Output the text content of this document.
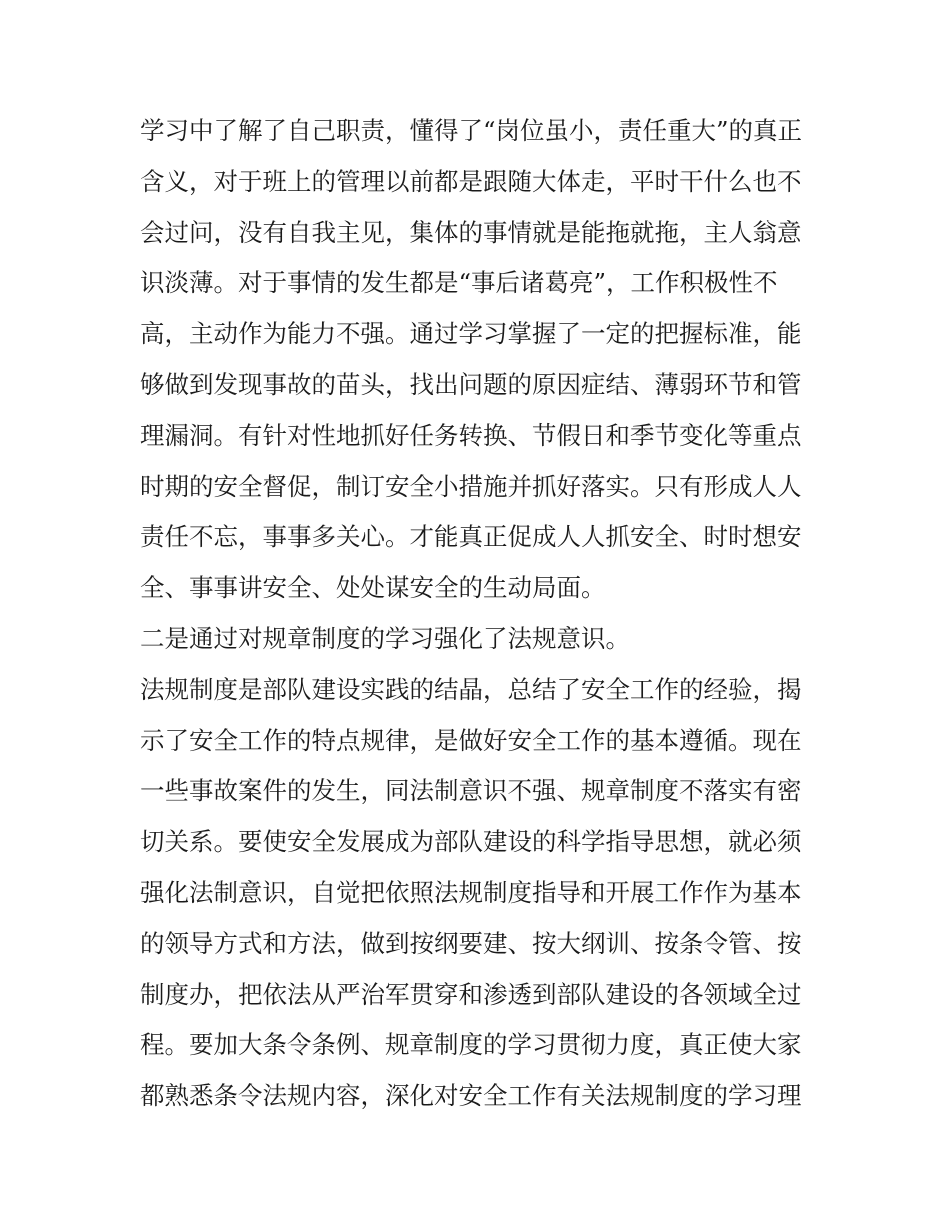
学习中了解了自己职责，懂得了“岗位虽小，责任重大”的真正
含义，对于班上的管理以前都是跟随大体走，平时干什么也不
会过问，没有自我主见，集体的事情就是能拖就拖，主人翁意
识淡薄。对于事情的发生都是“事后诸葛亮”，工作积极性不
高，主动作为能力不强。通过学习掌握了一定的把握标准，能
够做到发现事故的苗头，找出问题的原因症结、薄弱环节和管
理漏洞。有针对性地抓好任务转换、节假日和季节变化等重点
时期的安全督促，制订安全小措施并抓好落实。只有形成人人
责任不忘，事事多关心。才能真正促成人人抓安全、时时想安
全、事事讲安全、处处谋安全的生动局面。
二是通过对规章制度的学习强化了法规意识。
法规制度是部队建设实践的结晶，总结了安全工作的经验，揭
示了安全工作的特点规律，是做好安全工作的基本遵循。现在
一些事故案件的发生，同法制意识不强、规章制度不落实有密
切关系。要使安全发展成为部队建设的科学指导思想，就必须
强化法制意识，自觉把依照法规制度指导和开展工作作为基本
的领导方式和方法，做到按纲要建、按大纲训、按条令管、按
制度办，把依法从严治军贯穿和渗透到部队建设的各领域全过
程。要加大条令条例、规章制度的学习贯彻力度，真正使大家
都熟悉条令法规内容，深化对安全工作有关法规制度的学习理
